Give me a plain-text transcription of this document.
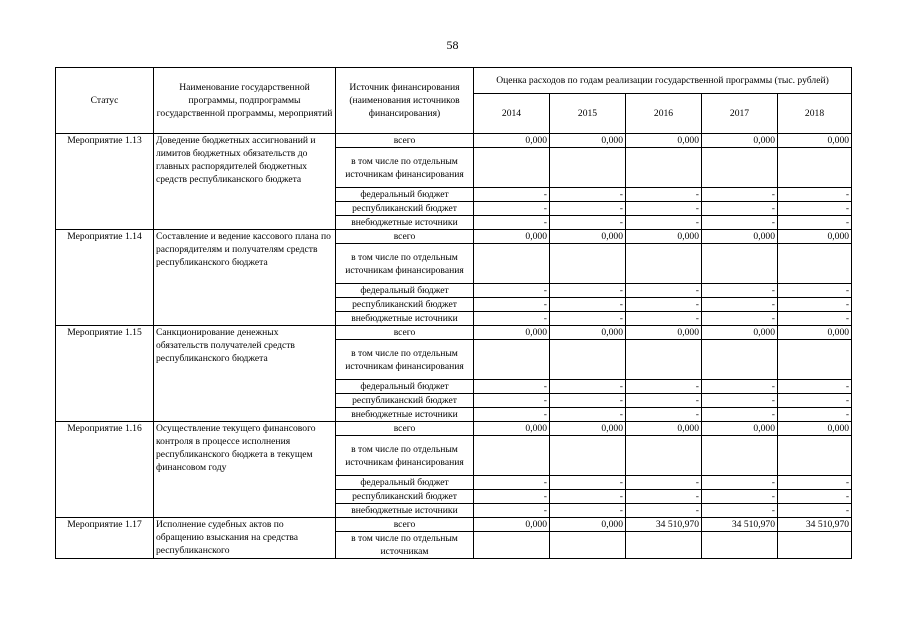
58
Статус	Наименование государственной программы, подпрограммы государственной программы, мероприятий	Источник финансирования (наименования источников финансирования)	Оценка расходов по годам реализации государственной программы (тыс. рублей)				
			2014	2015	2016	2017	2018
Мероприятие 1.13	Доведение бюджетных ассигнований и лимитов бюджетных обязательств до главных распорядителей бюджетных средств республиканского бюджета	всего	0,000	0,000	0,000	0,000	0,000
		в том числе по отдельным источникам финансирования					
		федеральный бюджет	-	-	-	-	-
		республиканский бюджет	-	-	-	-	-
		внебюджетные источники	-	-	-	-	-
Мероприятие 1.14	Составление и ведение кассового плана по распорядителям и получателям средств республиканского бюджета	всего	0,000	0,000	0,000	0,000	0,000
		в том числе по отдельным источникам финансирования					
		федеральный бюджет	-	-	-	-	-
		республиканский бюджет	-	-	-	-	-
		внебюджетные источники	-	-	-	-	-
Мероприятие 1.15	Санкционирование денежных обязательств получателей средств республиканского бюджета	всего	0,000	0,000	0,000	0,000	0,000
		в том числе по отдельным источникам финансирования					
		федеральный бюджет	-	-	-	-	-
		республиканский бюджет	-	-	-	-	-
		внебюджетные источники	-	-	-	-	-
Мероприятие 1.16	Осуществление текущего финансового контроля в процессе исполнения республиканского бюджета в текущем финансовом году	всего	0,000	0,000	0,000	0,000	0,000
		в том числе по отдельным источникам финансирования					
		федеральный бюджет	-	-	-	-	-
		республиканский бюджет	-	-	-	-	-
		внебюджетные источники	-	-	-	-	-
Мероприятие 1.17	Исполнение судебных актов по обращению взыскания на средства республиканского	всего	0,000	0,000	34 510,970	34 510,970	34 510,970
		в том числе по отдельным источникам					
